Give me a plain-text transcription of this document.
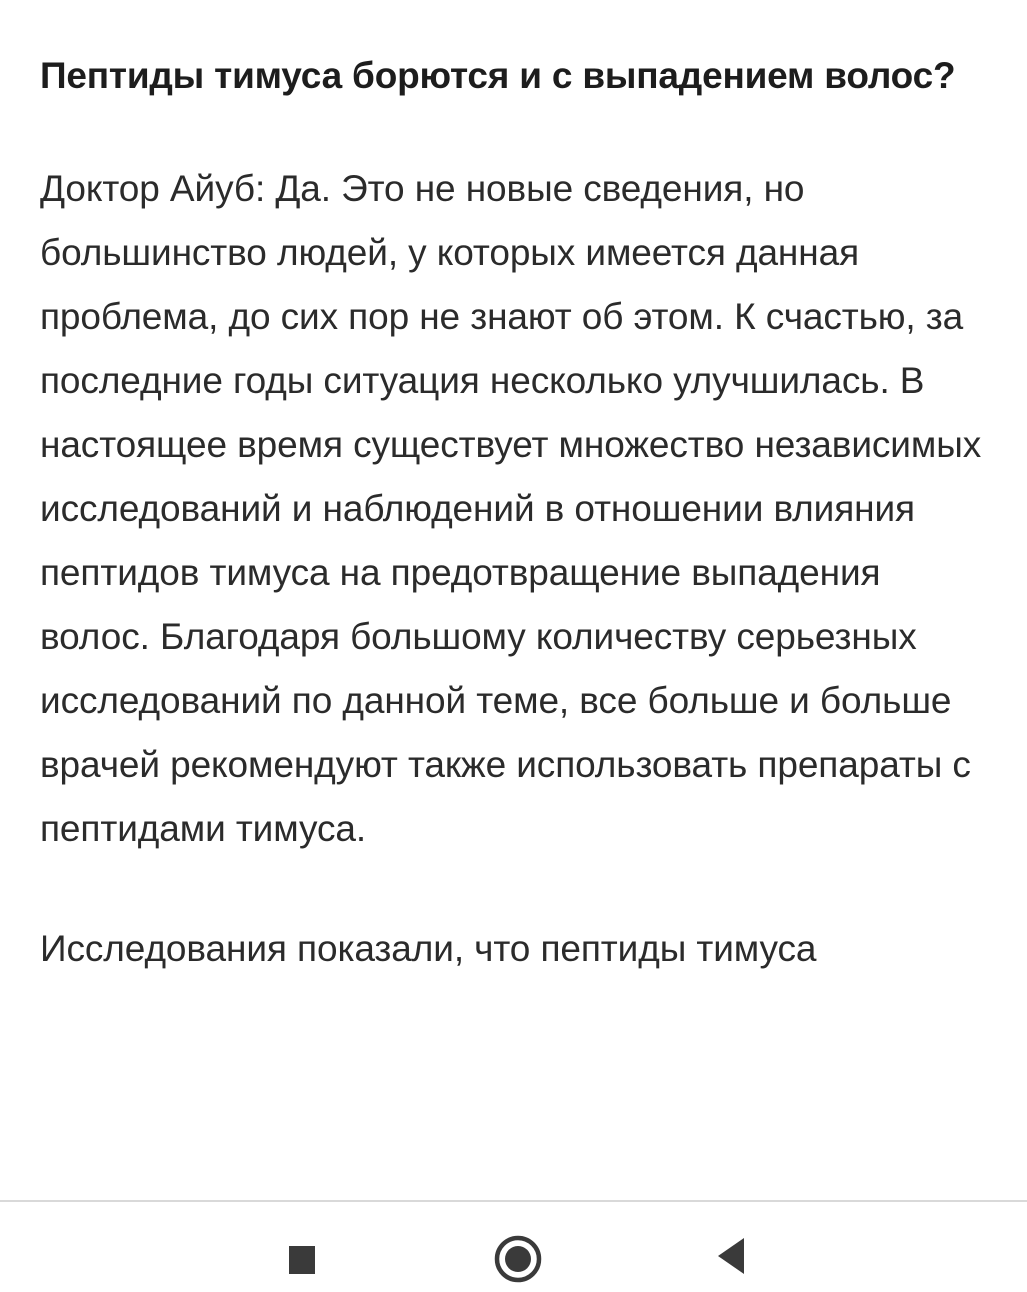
Пептиды тимуса борются и с выпадением волос?

Доктор Айуб: Да. Это не новые сведения, но большинство людей, у которых имеется данная проблема, до сих пор не знают об этом. К счастью, за последние годы ситуация несколько улучшилась. В настоящее время существует множество независимых исследований и наблюдений в отношении влияния пептидов тимуса на предотвращение выпадения волос. Благодаря большому количеству серьезных исследований по данной теме, все больше и больше врачей рекомендуют также использовать препараты с пептидами тимуса.

Исследования показали, что пептиды тимуса
